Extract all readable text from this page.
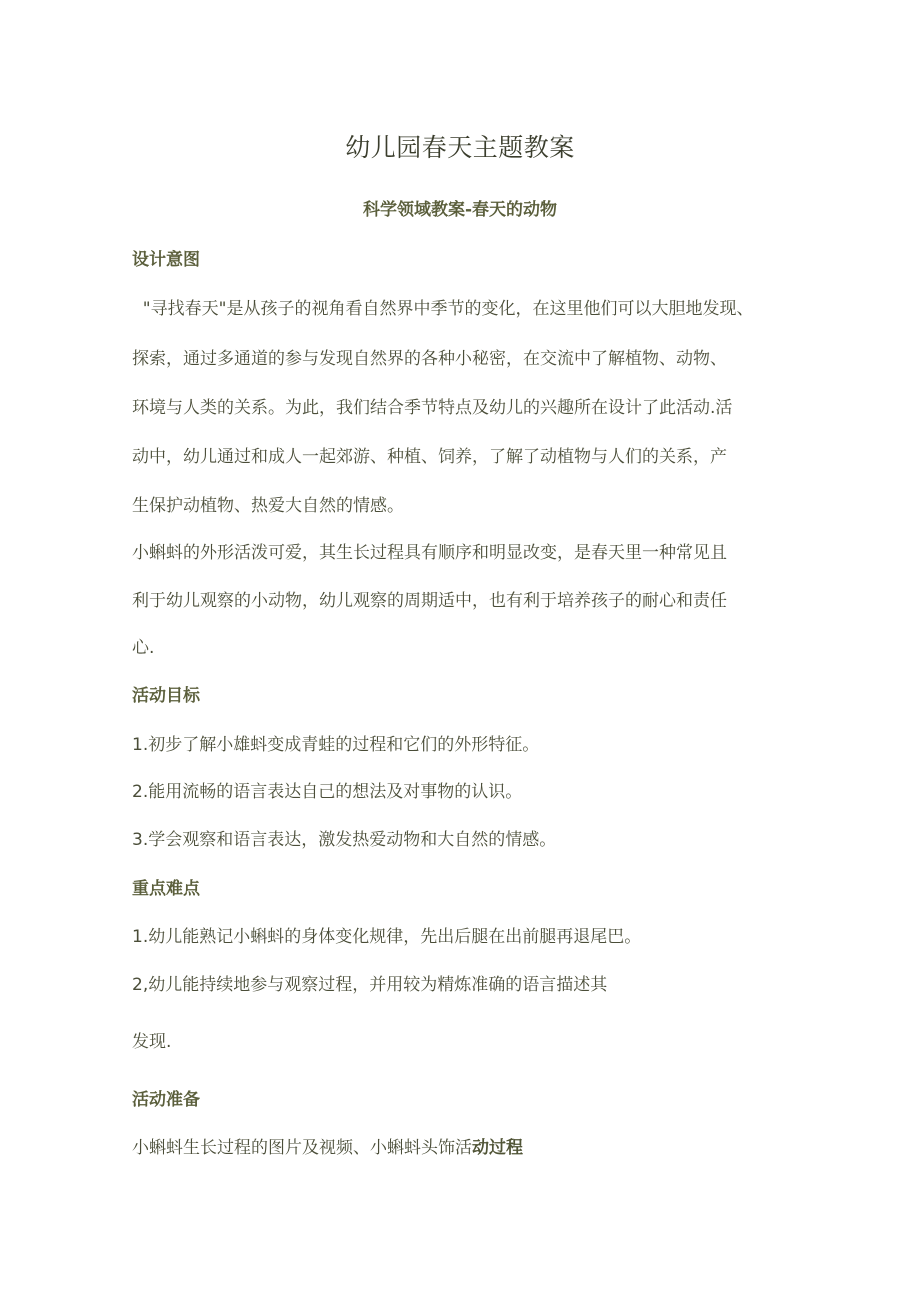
幼儿园春天主题教案
科学领域教案-春天的动物
设计意图
"寻找春天"是从孩子的视角看自然界中季节的变化，在这里他们可以大胆地发现、
探索，通过多通道的参与发现自然界的各种小秘密，在交流中了解植物、动物、
环境与人类的关系。为此，我们结合季节特点及幼儿的兴趣所在设计了此活动.活
动中，幼儿通过和成人一起郊游、种植、饲养，了解了动植物与人们的关系，产
生保护动植物、热爱大自然的情感。
小蝌蚪的外形活泼可爱，其生长过程具有顺序和明显改变，是春天里一种常见且
利于幼儿观察的小动物，幼儿观察的周期适中，也有利于培养孩子的耐心和责任
心.
活动目标
1.初步了解小雄蚪变成青蛙的过程和它们的外形特征。
2.能用流畅的语言表达自己的想法及对事物的认识。
3.学会观察和语言表达，激发热爱动物和大自然的情感。
重点难点
1.幼儿能熟记小蝌蚪的身体变化规律，先出后腿在出前腿再退尾巴。
2,幼儿能持续地参与观察过程，并用较为精炼准确的语言描述其
发现.
活动准备
小蝌蚪生长过程的图片及视频、小蝌蚪头饰活动过程
